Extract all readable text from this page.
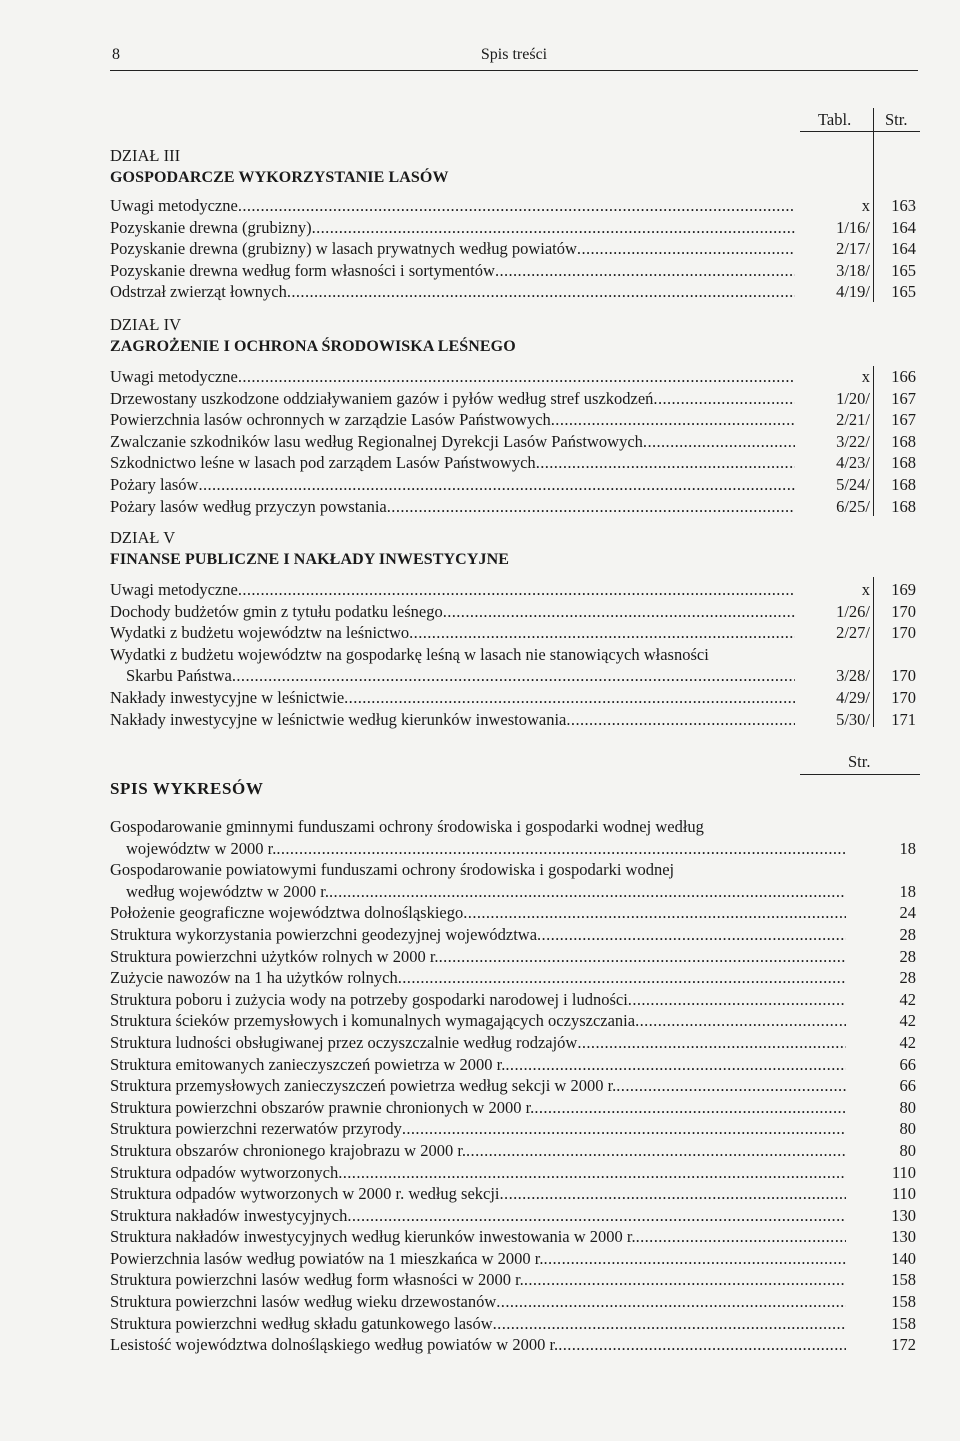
8	Spis treści
Tabl. Str.
DZIAŁ III
GOSPODARCZE WYKORZYSTANIE LASÓW
Uwagi metodyczne .....	x	163
Pozyskanie drewna (grubizny) .....	1/16/	164
Pozyskanie drewna (grubizny) w lasach prywatnych według powiatów .....	2/17/	164
Pozyskanie drewna według form własności i sortymentów .....	3/18/	165
Odstrzał zwierząt łownych .....	4/19/	165
DZIAŁ IV
ZAGROŻENIE I OCHRONA ŚRODOWISKA LEŚNEGO
Uwagi metodyczne .....	x	166
Drzewostany uszkodzone oddziaływaniem gazów i pyłów według stref uszkodzeń .....	1/20/	167
Powierzchnia lasów ochronnych w zarządzie Lasów Państwowych .....	2/21/	167
Zwalczanie szkodników lasu według Regionalnej Dyrekcji Lasów Państwowych .....	3/22/	168
Szkodnictwo leśne w lasach pod zarządem Lasów Państwowych .....	4/23/	168
Pożary lasów .....	5/24/	168
Pożary lasów według przyczyn powstania .....	6/25/	168
DZIAŁ V
FINANSE PUBLICZNE I NAKŁADY INWESTYCYJNE
Uwagi metodyczne .....	x	169
Dochody budżetów gmin z tytułu podatku leśnego .....	1/26/	170
Wydatki z budżetu województw na leśnictwo .....	2/27/	170
Wydatki z budżetu województw na gospodarkę leśną w lasach nie stanowiących własności
Skarbu Państwa .....	3/28/	170
Nakłady inwestycyjne w leśnictwie .....	4/29/	170
Nakłady inwestycyjne w leśnictwie według kierunków inwestowania .....	5/30/	171
Str.
SPIS WYKRESÓW
Gospodarowanie gminnymi funduszami ochrony środowiska i gospodarki wodnej według
województw w 2000 r. .....	18
Gospodarowanie powiatowymi funduszami ochrony środowiska i gospodarki wodnej
według województw w 2000 r. .....	18
Położenie geograficzne województwa dolnośląskiego .....	24
Struktura wykorzystania powierzchni geodezyjnej województwa .....	28
Struktura powierzchni użytków rolnych w 2000 r. .....	28
Zużycie nawozów na 1 ha użytków rolnych .....	28
Struktura poboru i zużycia wody na potrzeby gospodarki narodowej i ludności .....	42
Struktura ścieków przemysłowych i komunalnych wymagających oczyszczania .....	42
Struktura ludności obsługiwanej przez oczyszczalnie według rodzajów .....	42
Struktura emitowanych zanieczyszczeń powietrza w 2000 r. .....	66
Struktura przemysłowych zanieczyszczeń powietrza według sekcji w 2000 r. .....	66
Struktura powierzchni obszarów prawnie chronionych w 2000 r. .....	80
Struktura powierzchni rezerwatów przyrody .....	80
Struktura obszarów chronionego krajobrazu w 2000 r. .....	80
Struktura odpadów wytworzonych .....	110
Struktura odpadów wytworzonych w 2000 r. według sekcji .....	110
Struktura nakładów inwestycyjnych .....	130
Struktura nakładów inwestycyjnych według kierunków inwestowania w 2000 r. .....	130
Powierzchnia lasów według powiatów na 1 mieszkańca w 2000 r. .....	140
Struktura powierzchni lasów według form własności w 2000 r. .....	158
Struktura powierzchni lasów według wieku drzewostanów .....	158
Struktura powierzchni według składu gatunkowego lasów .....	158
Lesistość województwa dolnośląskiego według powiatów w 2000 r. .....	172
